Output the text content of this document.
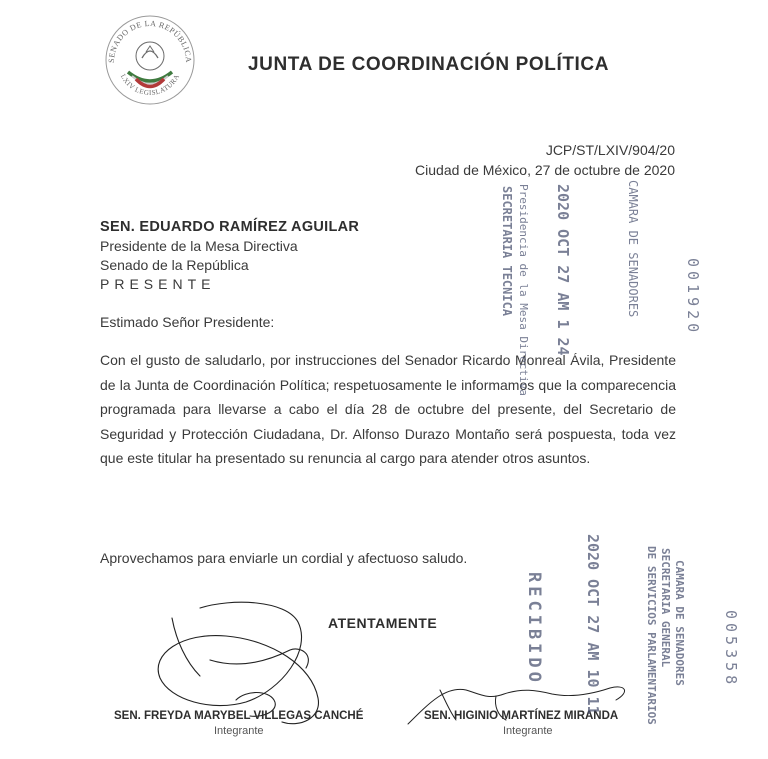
SENADO DE LA REPÚBLICA
LXIV LEGISLATURA
JUNTA DE COORDINACIÓN POLÍTICA
JCP/ST/LXIV/904/20
Ciudad de México, 27 de octubre de 2020
SEN. EDUARDO RAMÍREZ AGUILAR
Presidente de la Mesa Directiva
Senado de la República
PRESENTE
Estimado Señor Presidente:
Con el gusto de saludarlo, por instrucciones del Senador Ricardo Monreal Ávila, Presidente de la Junta de Coordinación Política; respetuosamente le informamos que la comparecencia programada para llevarse a cabo el día 28 de octubre del presente, del Secretario de Seguridad y Protección Ciudadana, Dr. Alfonso Durazo Montaño será pospuesta, toda vez que este titular ha presentado su renuncia al cargo para atender otros asuntos.
Aprovechamos para enviarle un cordial y afectuoso saludo.
ATENTAMENTE
SEN. FREYDA MARYBEL VILLEGAS CANCHÉ
Integrante
SEN. HIGINIO MARTÍNEZ MIRANDA
Integrante
CAMARA DE SENADORES
Presidencia de la Mesa Directiva
SECRETARIA TECNICA	2020 OCT 27 AM 1 24	001920
CAMARA DE SENADORES
SECRETARIA GENERAL
DE SERVICIOS PARLAMENTARIOS
2020 OCT 27 AM 10 11
RECIBIDO	005358
